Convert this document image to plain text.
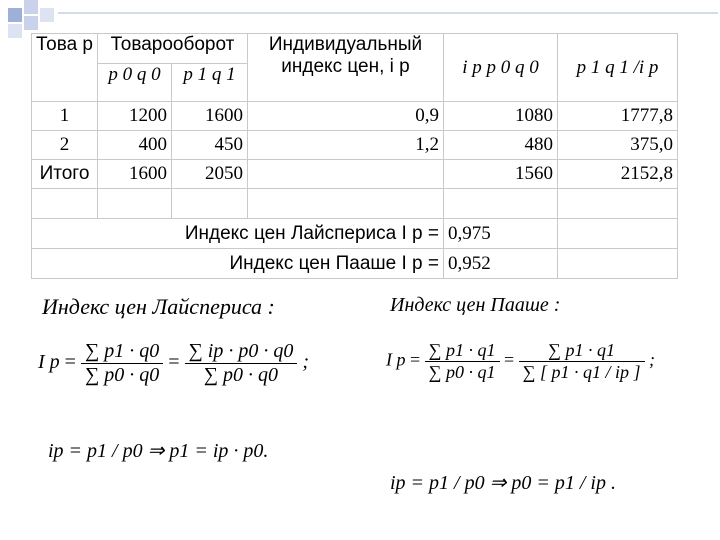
Това р	Товарооборот		Индивидуальный индекс цен, i p	i p p 0 q 0	p 1 q 1 /i p
	p 0 q 0	p 1 q 1			
1	1200	1600	0,9	1080	1777,8
2	400	450	1,2	480	375,0
Итого	1600	2050		1560	2152,8

Индекс цен Лайспериса I p =				0,975	
Индекс цен Пааше I p =				0,952	
Индекс цен Лайсперuса :
I $p = \frac{\sum p1 \cdot q0}{\sum p0 \cdot q0} = \frac{\sum ip \cdot p0 \cdot q0}{\sum p0 \cdot q0}$ ;
ip = p1 / p0 ⇒ p1 = ip · p0.
Индекс цен Пааше :
I $p = \frac{\sum p1 \cdot q1}{\sum p0 \cdot q1} = \frac{\sum p1 \cdot q1}{\sum [ p1 \cdot q1 / ip ]}$ ;
ip = p1 / p0 ⇒ p0 = p1 / ip .
